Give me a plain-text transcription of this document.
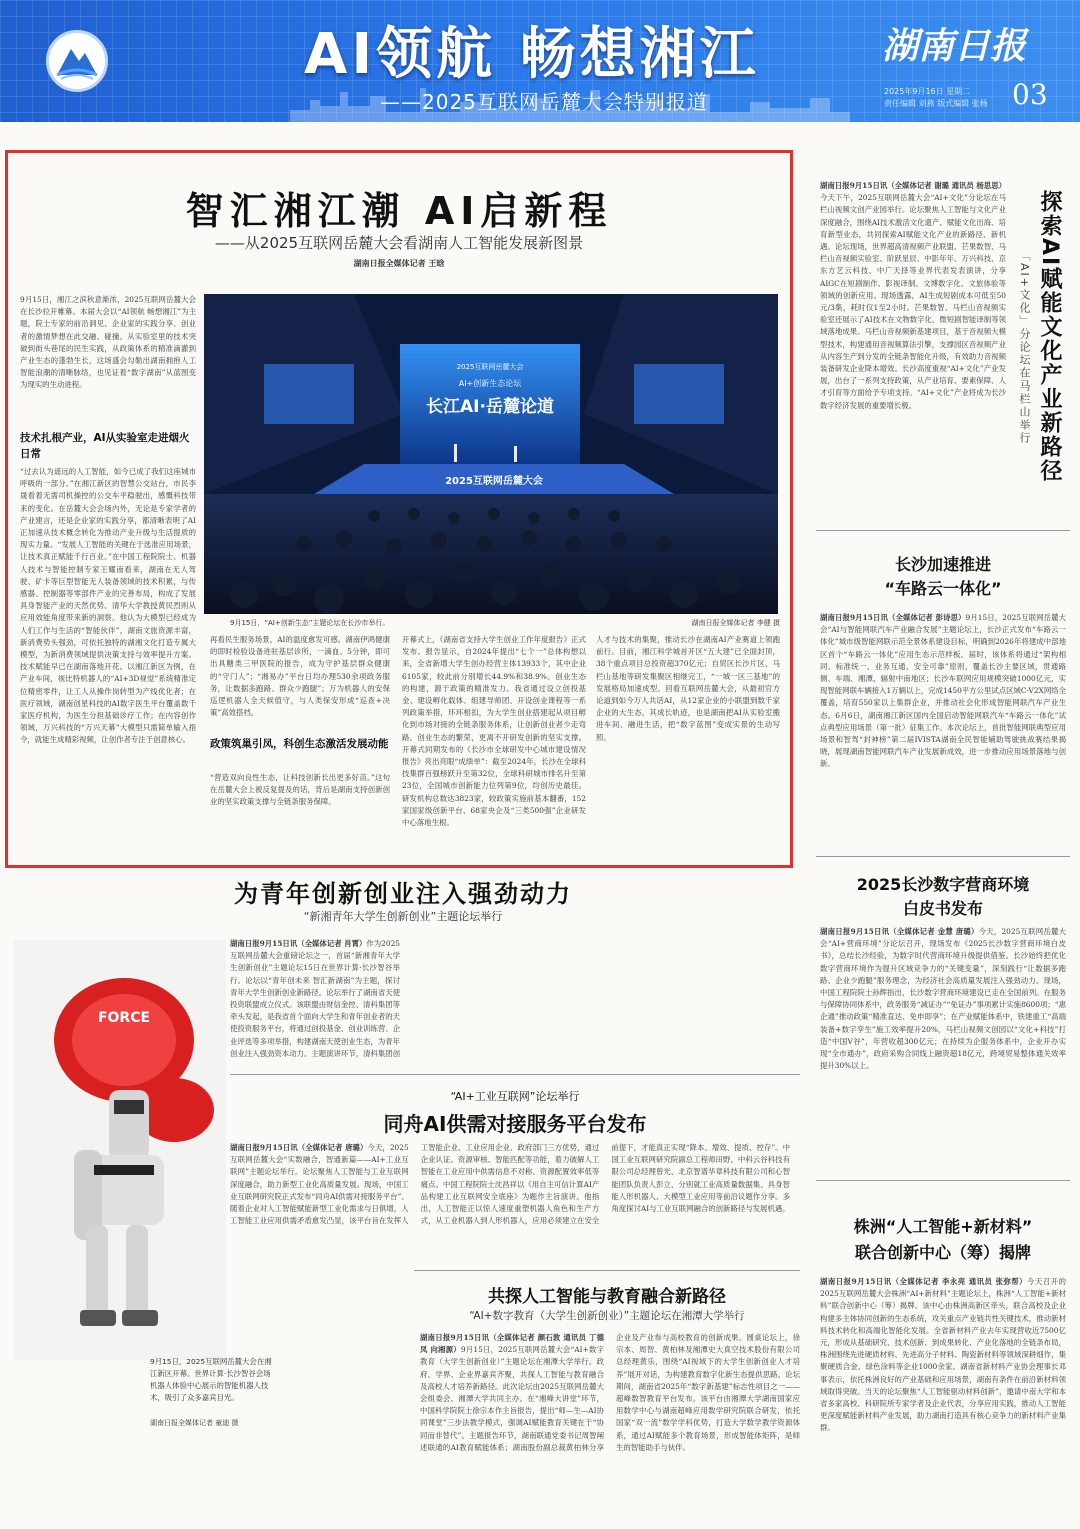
AI领航 畅想湘江
——2025互联网岳麓大会特别报道
湖南日报
2025年9月16日 星期二
责任编辑 刘燕 版式编辑 张杨 03
智汇湘江潮 AI启新程
——从2025互联网岳麓大会看湖南人工智能发展新图景
湖南日报全媒体记者 王晗
9月15日，湘江之滨秋意渐浓，2025互联网岳麓大会在长沙拉开帷幕。本届大会以“AI领航 畅想湘江”为主题，院士专家的前沿洞见、企业家的实践分享、创业者的激情梦想在此交融、碰撞。从实验室里的技术突破到街头巷尾的民生实践，从政策体系的精准滴灌到产业生态的蓬勃生长，这场盛会勾勒出湖南拥抱人工智能浪潮的清晰脉络，也见证着“数字湖南”从蓝图变为现实的生动进程。
技术扎根产业，AI从实验室走进烟火日常
“过去认为遥远的人工智能，如今已成了我们这座城市呼吸的一部分。”在湘江新区的智慧公交站台，市民李晟看着无需司机操控的公交车平稳驶出，感慨科技带来的变化。在岳麓大会会场内外，无论是专家学者的产业建言，还是企业家的实践分享，都清晰表明了AI正加速从技术概念转化为推动产业升级与生活提质的现实力量。“发展人工智能的关键在于选准应用场景，让技术真正赋能千行百业。”在中国工程院院士、机器人技术与智能控制专家王耀南看来，湖南在无人驾驶、矿卡等巨型智能无人装备领域的技术积累，与传感器、控制器等零部件产业的完善布局，构成了发展具身智能产业的天然优势。清华大学教授黄民烈则从应用效能角度带来新的洞察。他认为大模型已经成为人们工作与生活的“智能伙伴”，湖南文旅资源丰富，新消费势头强劲，可依托独特的湖湘文化打造专属大模型，为新消费领域提供决策支持与效率提升方案。技术赋能早已在湖南落地开花。以湘江新区为例，在产业车间，视比特机器人的“AI+3D视觉”系统精准定位精密零件，让工人从操作岗转型为产线优化者；在医疗领域，湖南创星科技的AI数字医生平台覆盖数千家医疗机构，为医生分担基础诊疗工作；在内容创作领域，万兴科技的“万兴天幕”大模型只需简单输入指令，就能生成精彩视频，让创作者专注于创意核心。
2025互联网岳麓大会
AI+创新生态论坛
长江AI·岳麓论道
2025互联网岳麓大会
9月15日，“AI+创新生态”主题论坛在长沙市举行。	湖南日报全媒体记者 李健 摄
再看民生服务场景，AI的温度愈发可感。湖南伊鸿健康的即时检验设备进驻基层诊所，一滴血、5分钟，即可出具糖类三甲医院的报告，成为守护基层群众健康的“守门人”；“湘易办”平台日均办理530余项政务服务，让数据多跑路、群众少跑腿”；万为机器人的安保巡逻机器人全天候值守，与人类保安形成“巡查+决策”高效搭档。
政策筑巢引凤，科创生态激活发展动能
“营造双向良性生态，让科技创新长出更多好苗。”这句在岳麓大会上被反复提及的话，背后是湖南支持创新创业的坚实政策支撑与全链条服务保障。
开幕式上，《湖南省支持大学生创业工作年度报告》正式发布。报告显示，自2024年提出“七个一”总体构想以来，全省新增大学生创办经营主体13933个，其中企业6105家，较此前分别增长44.9%和38.9%。创业生态的构建，源于政策的精准发力。我省通过设立创投基金、建设孵化载体、组建导师团、开设创业课程等一系列政策举措，环环相扣，为大学生创业搭建起从项目孵化到市场对接的全链条服务体系，让创新创业者少走弯路。创业生态的繁荣，更离不开研发创新的坚实支撑。开幕式同期发布的《长沙市全球研发中心城市建设情况报告》亮出亮眼“成绩单”：截至2024年，长沙在全球科技集群百强榜跃升至第32位，全球科研城市排名升至第23位，全国城市创新能力位列第9位，均创历史最佳。研发机构总数达3823家，较政策实施前基本翻番，152家国家级创新平台、68家央企及“三类500强”企业研发中心落地生根。
人才与技术的集聚，推动长沙在湖南AI产业赛道上领跑前行。目前，湘江科学城首开区“五大建”已全面封顶，38个重点项目总投资超370亿元；自贸区长沙片区、马栏山基地等研发集聚区相继完工，“一城一区三基地”的发展格局加速成型。回看互联网岳麓大会，从最初官方论道到如今万人共话AI，从12家企业的小联盟到数千家企业的大生态，其成长轨迹，也是湖南把AI从实验室搬进车间、融进生活，把“数字蓝图”变成实景的生动写照。
湖南日报9月15日讯（全媒体记者 谢璐 通讯员 杨思思）今天下午，2025互联网岳麓大会“AI+文化”分论坛在马栏山视频文创产业园举行。论坛聚焦人工智能与文化产业深度融合，围绕AI技术激活文化遗产、赋能文化出海、培育新型业态，共同探索AI赋能文化产业的新路径、新机遇。论坛现场，世界超高清视频产业联盟、芒果数智、马栏山音视频实验室、阶跃星辰、中影年年、万兴科技、京东方艺云科技、中广天择等业界代表发表演讲，分享AIGC在短剧制作、影视译制、文博数字化、文旅体验等领域的创新应用。现场透露，AI生成短剧成本可低至50元/3集，耗时仅1至2小时。芒果数智、马栏山音视频实验室还展示了AI技术在文物数字化、微短剧智能译制等领域落地成果。马栏山音视频新基建项目，基于音视频大模型技术，构建通用音视频算法引擎，支撑园区音视频产业从内容生产到分发的全链条智能化升级，有效助力音视频装备研发企业降本增效。长沙高度重视“AI+文化”产业发展，出台了一系列支持政策，从产业培育、要素保障、人才引育等方面给予专项支持。“AI+文化”产业将成为长沙数字经济发展的重要增长极。	探索AI赋能文化产业新路径
「AI+文化」分论坛在马栏山举行
长沙加速推进
“车路云一体化”
湖南日报9月15日讯（全媒体记者 彭诗思）9月15日，2025互联网岳麓大会“AI与智能网联汽车产业融合发展”主题论坛上，长沙正式发布“车路云一体化”城市级智能网联示范全景体系建设目标，明确到2026年将建成中部地区首个“车路云一体化”应用生态示范样板。届时，该体系将通过“架构相同、标准统一、业务互通、安全可靠”原则，覆盖长沙主要区域，贯通路侧、车端、湘潭，辐射中南地区；长沙车联网应用规模突破1000亿元，实现智能网联车辆接入1万辆以上，完成1450平方公里试点区域C-V2X网络全覆盖，培育550家以上集群企业，并推动社会化形成智能网联汽车产业生态。6月6日，湖南湘江新区国内全国启动智能网联汽车“车路云一体化”试点典型应用场景（第一批）征集工作。本次论坛上，首批智能网联典型应用场景和智驾“封神榜”第二届IVISTA湖南全民智能辅助驾驶挑战赛结果揭晓，展现湖南智能网联汽车产业发展新成效，进一步推动应用场景落地与创新。
2025长沙数字营商环境
白皮书发布
湖南日报9月15日讯（全媒体记者 金慧 唐璐）今天，2025互联网岳麓大会“AI+营商环境”分论坛召开，现场发布《2025长沙数字营商环境白皮书》，总结长沙经验，为数字时代营商环境升级提供借鉴。长沙始终把优化数字营商环境作为提升区域竞争力的“关键变量”，深刻践行“让数据多跑路、企业少跑腿”服务理念，为经济社会高质量发展注入强劲动力。现场，中国工程院院士孙辉指出，长沙数字营商环境建设已走在全国前列。在服务与保障协同体系中，政务服务“减证办”“免证办”事项累计实施8600项；“惠企通”推动政策“精准直达、免申即享”；在产业赋能体系中，铁建重工“高端装备+数字孪生”施工效率提升20%，马栏山视频文创园以“文化+科技”打造“中国V谷”，年营收超300亿元；在持续为企服务体系中，企业开办实现“全市通办”，政府采购合同线上融资超18亿元，跨境贸易整体通关效率提升30%以上。
株洲“人工智能+新材料”
联合创新中心（筹）揭牌
湖南日报9月15日讯（全媒体记者 李永亮 通讯员 张弥帮）今天召开的2025互联网岳麓大会株洲“AI+新材料”主题论坛上，株洲“人工智能+新材料”联合创新中心（筹）揭牌。该中心由株洲高新区牵头，联合高校及企业构建多主体协同创新的生态系统，攻关重点产业链共性关键技术，推动新材料技术转化和高端化智能化发展。全省新材料产业去年实现营收近7500亿元，形成从基础研究、技术创新、到成果转化、产业化落地的全链条布局，株洲围绕先进硬质材料、先进高分子材料、陶瓷新材料等领域深耕细作，集聚硬质合金、绿色涂料等企业1000余家。湖南省新材料产业协会理事长邓事表示，依托株洲良好的产业基础和应用场景，湖南有条件在前沿新材料领域取得突破。当天的论坛聚焦“人工智能驱动材料创新”，邀请中南大学和本省多家高校、科研院所专家学者及企业代表，分享应用实践，推动人工智能更深度赋能新材料产业发展，助力湖南打造具有核心竞争力的新材料产业集群。
为青年创新创业注入强劲动力
“新湘青年大学生创新创业”主题论坛举行
湖南日报9月15日讯（全媒体记者 肖霄）作为2025互联网岳麓大会重磅论坛之一，首届“新湘青年大学生创新创业”主题论坛15日在世界计算·长沙智谷举行。论坛以“青年创未来 智汇新湖南”为主题，探讨青年大学生创新创业新路径。论坛举行了湖南省天使投资联盟成立仪式。该联盟由财信金控、清科集团等牵头发起，是我省首个面向大学生和青年创业者的天使投资服务平台，将通过创投基金、创业训练营、企业评选等多项举措，构建湖南天使创业生态，为青年创业注入强劲资本动力。主题演讲环节，清科集团创
FORCE
9月15日，2025互联网岳麓大会在湘江新区开幕。世界计算·长沙智谷会场机器人体验中心展示的智能机器人技术，吸引了众多嘉宾目光。
湖南日报全媒体记者 童迪 摄
“AI+工业互联网”论坛举行
同舟AI供需对接服务平台发布
湖南日报9月15日讯（全媒体记者 唐璐）今天，2025互联网岳麓大会“实数融合，智通新篇——AI+工业互联网”主题论坛举行。论坛聚焦人工智能与工业互联网深度融合，助力新型工业化高质量发展。现场，中国工业互联网研究院正式发布“同舟AI供需对接服务平台”。随着企业对人工智能赋能新型工业化需求与日俱增，人工智能工业应用供需矛盾愈发凸显，该平台旨在发挥人工智能企业、工业应用企业、政府部门三方优势，通过企业认证、资源审核、智能匹配等功能，着力破解人工智能在工业应用中供需信息不对称、资源配置效率低等痛点。中国工程院院士沈昌祥以《用自主可信计算AI产品构建工业互联网安全底座》为题作主旨演讲。他指出，人工智能正以惊人速度重塑机器人角色和生产方式，从工业机器人到人形机器人，应用必须建立在安全前提下，才能真正实现“降本、增效、提质、控存”。中国工业互联网研究院副总工程师田野、中科云谷科技有限公司总经理曾光、北京智谱华章科技有限公司和心智能团队负责人彭立、分别就工业高质量数据集、具身智能人形机器人、大模型工业应用等前沿议题作分享。多角度探讨AI与工业互联网融合的创新路径与发展机遇。
共探人工智能与教育融合新路径
“AI+数字教育（大学生创新创业）”主题论坛在湘潭大学举行
湖南日报9月15日讯（全媒体记者 颜石敦 通讯员 丁德凤 向湘源）9月15日，2025互联网岳麓大会“AI+数字教育（大学生创新创业）”主题论坛在湘潭大学举行。政府、学界、企业界嘉宾齐聚，共探人工智能与教育融合及高校人才培养新路径。此次论坛由2025互联网岳麓大会组委会、湘潭大学共同主办。在“湘峰大讲堂”环节，中国科学院院士徐宗本作主旨报告，提出“师—生—AI协同课堂”三步法教学模式，强调AI赋能教育关键在于“协同而非替代”。主题报告环节，湖南联通党委书记周智阐述联通的AI教育赋能体系；湖南股份副总裁黄柏林分享企业及产业参与高校教育的创新成果。圆桌论坛上，徐宗本、周智、黄柏林及湘潭史大真空技术股份有限公司总经理黄乐，围绕“AI视域下的大学生创新创业人才培养”展开对话，为构建教育数字化新生态提供思路。论坛期间，湖南省2025年“数字新基建”标志性项目之一——超峰数智教育平台发布。该平台由湘潭大学湖南国家应用数学中心与湖南超峰应用数学研究院联合研发，依托国家“双一流”数学学科优势，打造大学数学教学资源体系，通过AI赋能多个教育场景，形成智能体矩阵，是师生的智能助手与伙伴。
